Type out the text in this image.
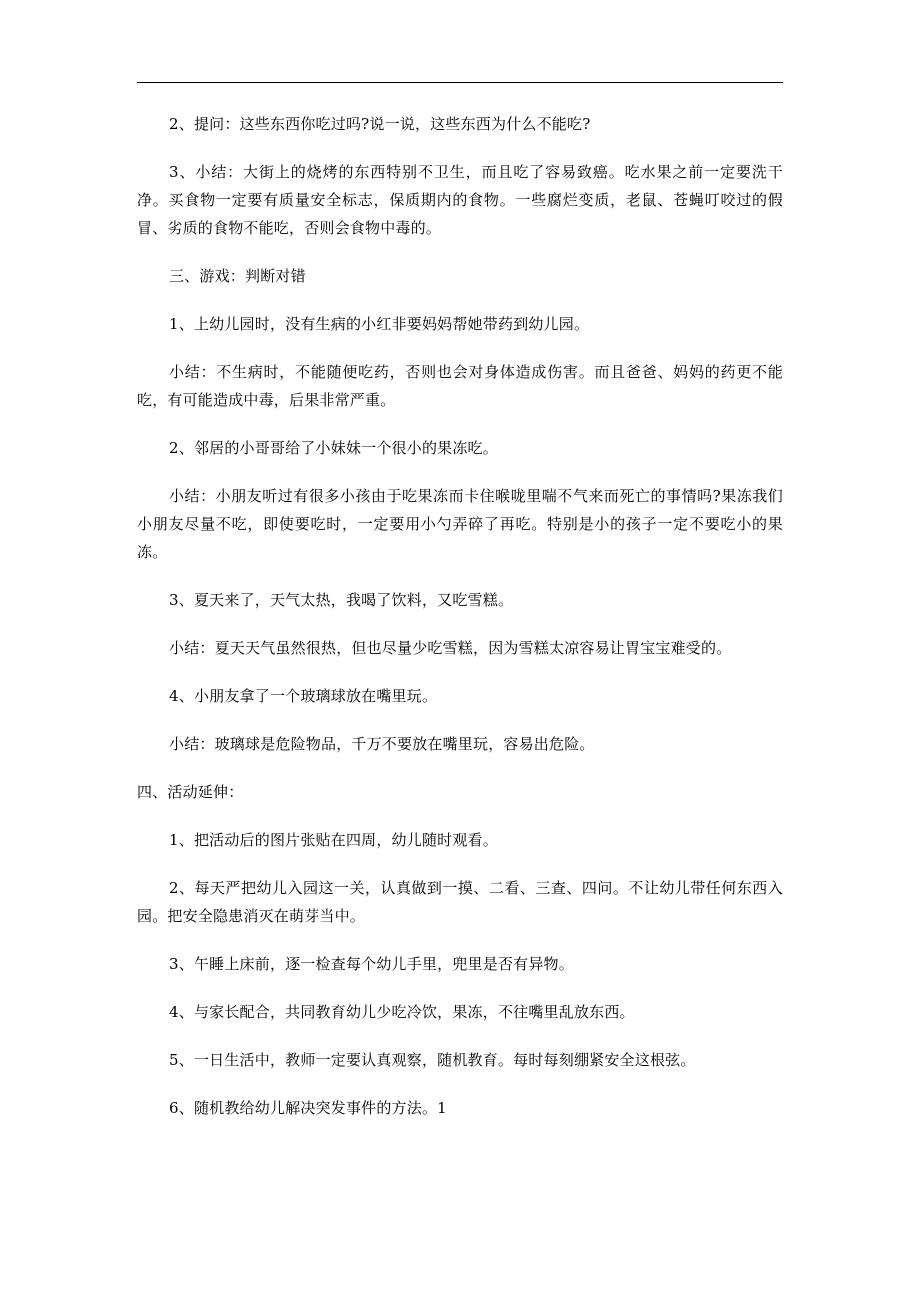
2、提问：这些东西你吃过吗?说一说，这些东西为什么不能吃?

3、小结：大街上的烧烤的东西特别不卫生，而且吃了容易致癌。吃水果之前一定要洗干净。买食物一定要有质量安全标志，保质期内的食物。一些腐烂变质，老鼠、苍蝇叮咬过的假冒、劣质的食物不能吃，否则会食物中毒的。

三、游戏：判断对错

1、上幼儿园时，没有生病的小红非要妈妈帮她带药到幼儿园。

小结：不生病时，不能随便吃药，否则也会对身体造成伤害。而且爸爸、妈妈的药更不能吃，有可能造成中毒，后果非常严重。

2、邻居的小哥哥给了小妹妹一个很小的果冻吃。

小结：小朋友听过有很多小孩由于吃果冻而卡住喉咙里喘不气来而死亡的事情吗?果冻我们小朋友尽量不吃，即使要吃时，一定要用小勺弄碎了再吃。特别是小的孩子一定不要吃小的果冻。

3、夏天来了，天气太热，我喝了饮料，又吃雪糕。

小结：夏天天气虽然很热，但也尽量少吃雪糕，因为雪糕太凉容易让胃宝宝难受的。

4、小朋友拿了一个玻璃球放在嘴里玩。

小结：玻璃球是危险物品，千万不要放在嘴里玩，容易出危险。

四、活动延伸：

1、把活动后的图片张贴在四周，幼儿随时观看。

2、每天严把幼儿入园这一关，认真做到一摸、二看、三查、四问。不让幼儿带任何东西入园。把安全隐患消灭在萌芽当中。

3、午睡上床前，逐一检查每个幼儿手里，兜里是否有异物。

4、与家长配合，共同教育幼儿少吃冷饮，果冻，不往嘴里乱放东西。

5、一日生活中，教师一定要认真观察，随机教育。每时每刻绷紧安全这根弦。

6、随机教给幼儿解决突发事件的方法。1
